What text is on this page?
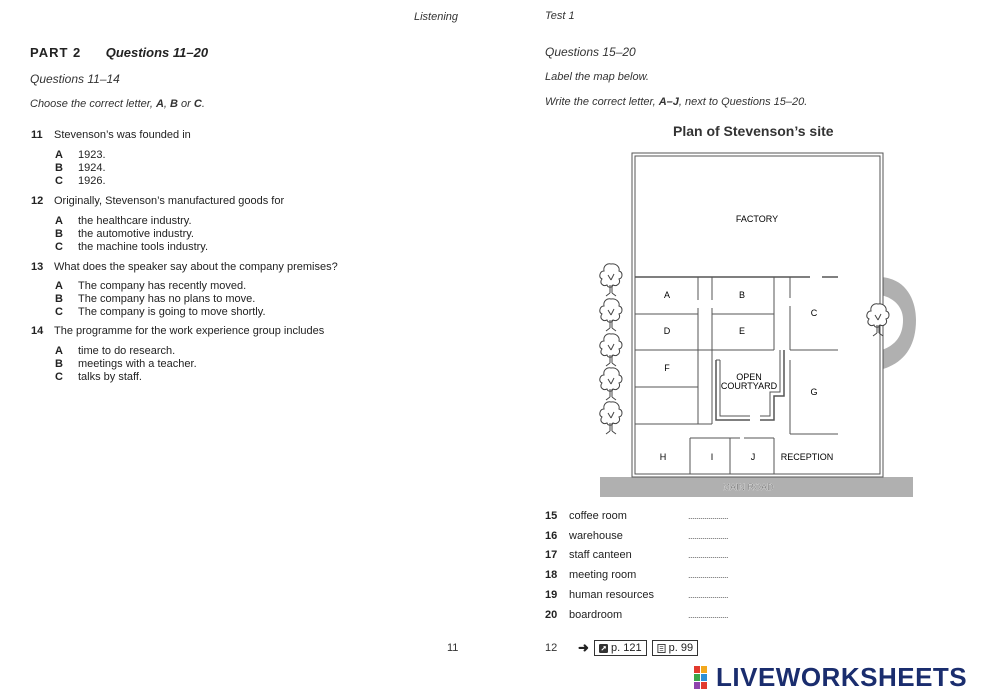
Listening	Test 1
PART 2 Questions 11–20
Questions 11–14
Choose the correct letter, A, B or C.
11 Stevenson’s was founded in
A 1923.
B 1924.
C 1926.
12 Originally, Stevenson’s manufactured goods for
A the healthcare industry.
B the automotive industry.
C the machine tools industry.
13 What does the speaker say about the company premises?
A The company has recently moved.
B The company has no plans to move.
C The company is going to move shortly.
14 The programme for the work experience group includes
A time to do research.
B meetings with a teacher.
C talks by staff.
11
Questions 15–20
Label the map below.
Write the correct letter, A–J, next to Questions 15–20.
Plan of Stevenson’s site
MAIN ROAD
FACTORY
A	B
C
D	E
F
OPEN
COURTYARD
G
H	I	J	RECEPTION
15 coffee room	....................
16 warehouse	....................
17 staff canteen	....................
18 meeting room	....................
19 human resources	....................
20 boardroom	....................
12 ➜ p. 121 p. 99
LIVEWORKSHEETS
